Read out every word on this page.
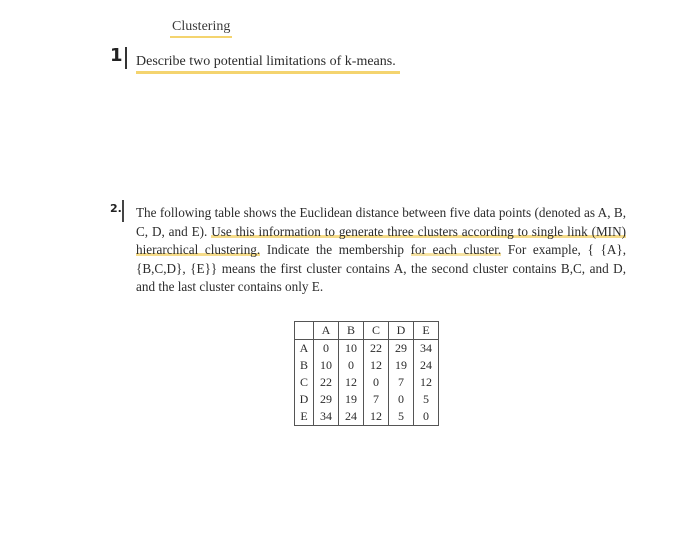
Clustering
1 Describe two potential limitations of k-means.
2. The following table shows the Euclidean distance between five data points (denoted as A, B, C, D, and E). Use this information to generate three clusters according to single link (MIN) hierarchical clustering. Indicate the membership for each cluster. For example, { {A}, {B,C,D}, {E}} means the first cluster contains A, the second cluster contains B,C, and D, and the last cluster contains only E.
	A	B	C	D	E
A	0	10	22	29	34
B	10	0	12	19	24
C	22	12	0	7	12
D	29	19	7	0	5
E	34	24	12	5	0
